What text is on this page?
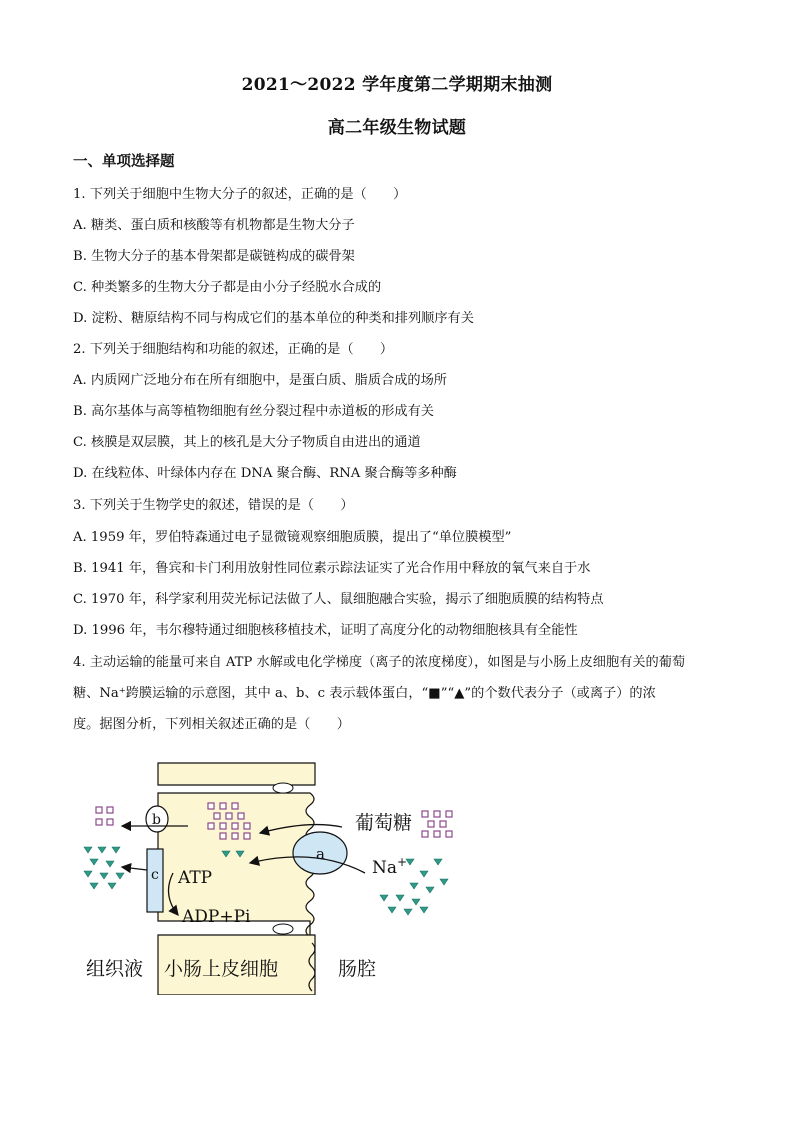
2021～2022 学年度第二学期期末抽测
高二年级生物试题
一、单项选择题
1. 下列关于细胞中生物大分子的叙述，正确的是（　　）
A. 糖类、蛋白质和核酸等有机物都是生物大分子
B. 生物大分子的基本骨架都是碳链构成的碳骨架
C. 种类繁多的生物大分子都是由小分子经脱水合成的
D. 淀粉、糖原结构不同与构成它们的基本单位的种类和排列顺序有关
2. 下列关于细胞结构和功能的叙述，正确的是（　　）
A. 内质网广泛地分布在所有细胞中，是蛋白质、脂质合成的场所
B. 高尔基体与高等植物细胞有丝分裂过程中赤道板的形成有关
C. 核膜是双层膜，其上的核孔是大分子物质自由进出的通道
D. 在线粒体、叶绿体内存在 DNA 聚合酶、RNA 聚合酶等多种酶
3. 下列关于生物学史的叙述，错误的是（　　）
A. 1959 年，罗伯特森通过电子显微镜观察细胞质膜，提出了“单位膜模型”
B. 1941 年，鲁宾和卡门利用放射性同位素示踪法证实了光合作用中释放的氧气来自于水
C. 1970 年，科学家利用荧光标记法做了人、鼠细胞融合实验，揭示了细胞质膜的结构特点
D. 1996 年，韦尔穆特通过细胞核移植技术，证明了高度分化的动物细胞核具有全能性
4. 主动运输的能量可来自 ATP 水解或电化学梯度（离子的浓度梯度），如图是与小肠上皮细胞有关的葡萄
糖、Na⁺跨膜运输的示意图，其中 a、b、c 表示载体蛋白，“■”“▲”的个数代表分子（或离子）的浓
度。据图分析，下列相关叙述正确的是（　　）
a
b
c ATP
ADP+Pi
葡萄糖
Na+
组织液 小肠上皮细胞	肠腔
